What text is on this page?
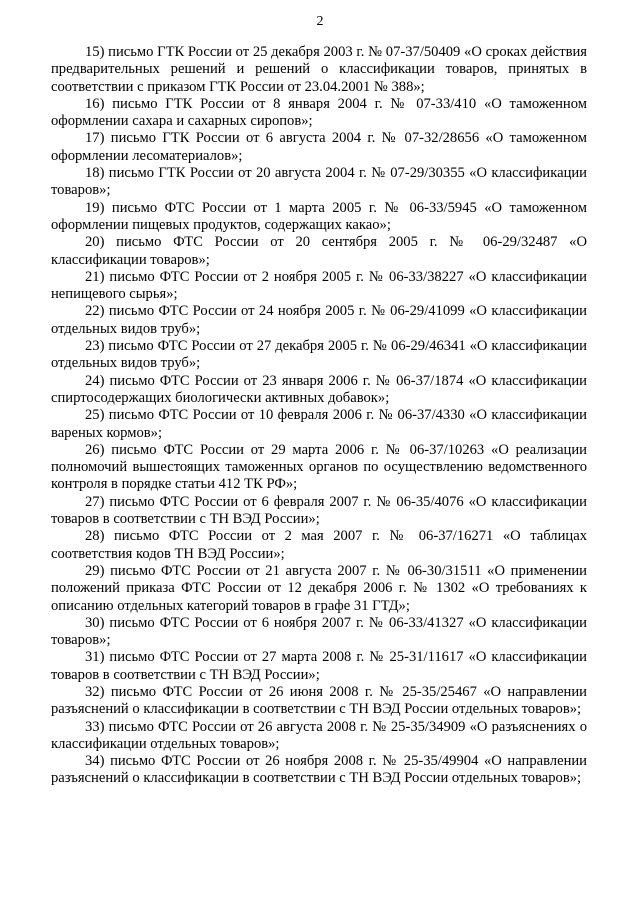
2

15) письмо ГТК России от 25 декабря 2003 г. № 07-37/50409 «О сроках действия предварительных решений и решений о классификации товаров, принятых в соответствии с приказом ГТК России от 23.04.2001 № 388»;

16) письмо ГТК России от 8 января 2004 г. № 07-33/410 «О таможенном оформлении сахара и сахарных сиропов»;

17) письмо ГТК России от 6 августа 2004 г. № 07-32/28656 «О таможенном оформлении лесоматериалов»;

18) письмо ГТК России от 20 августа 2004 г. № 07-29/30355 «О классификации товаров»;

19) письмо ФТС России от 1 марта 2005 г. № 06-33/5945 «О таможенном оформлении пищевых продуктов, содержащих какао»;

20) письмо ФТС России от 20 сентября 2005 г. № 06-29/32487 «О классификации товаров»;

21) письмо ФТС России от 2 ноября 2005 г. № 06-33/38227 «О классификации непищевого сырья»;

22) письмо ФТС России от 24 ноября 2005 г. № 06-29/41099 «О классификации отдельных видов труб»;

23) письмо ФТС России от 27 декабря 2005 г. № 06-29/46341 «О классификации отдельных видов труб»;

24) письмо ФТС России от 23 января 2006 г. № 06-37/1874 «О классификации спиртосодержащих биологически активных добавок»;

25) письмо ФТС России от 10 февраля 2006 г. № 06-37/4330 «О классификации вареных кормов»;

26) письмо ФТС России от 29 марта 2006 г. № 06-37/10263 «О реализации полномочий вышестоящих таможенных органов по осуществлению ведомственного контроля в порядке статьи 412 ТК РФ»;

27) письмо ФТС России от 6 февраля 2007 г. № 06-35/4076 «О классификации товаров в соответствии с ТН ВЭД России»;

28) письмо ФТС России от 2 мая 2007 г. № 06-37/16271 «О таблицах соответствия кодов ТН ВЭД России»;

29) письмо ФТС России от 21 августа 2007 г. № 06-30/31511 «О применении положений приказа ФТС России от 12 декабря 2006 г. № 1302 «О требованиях к описанию отдельных категорий товаров в графе 31 ГТД»;

30) письмо ФТС России от 6 ноября 2007 г. № 06-33/41327 «О классификации товаров»;

31) письмо ФТС России от 27 марта 2008 г. № 25-31/11617 «О классификации товаров в соответствии с ТН ВЭД России»;

32) письмо ФТС России от 26 июня 2008 г. № 25-35/25467 «О направлении разъяснений о классификации в соответствии с ТН ВЭД России отдельных товаров»;

33) письмо ФТС России от 26 августа 2008 г. № 25-35/34909 «О разъяснениях о классификации отдельных товаров»;

34) письмо ФТС России от 26 ноября 2008 г. № 25-35/49904 «О направлении разъяснений о классификации в соответствии с ТН ВЭД России отдельных товаров»;
